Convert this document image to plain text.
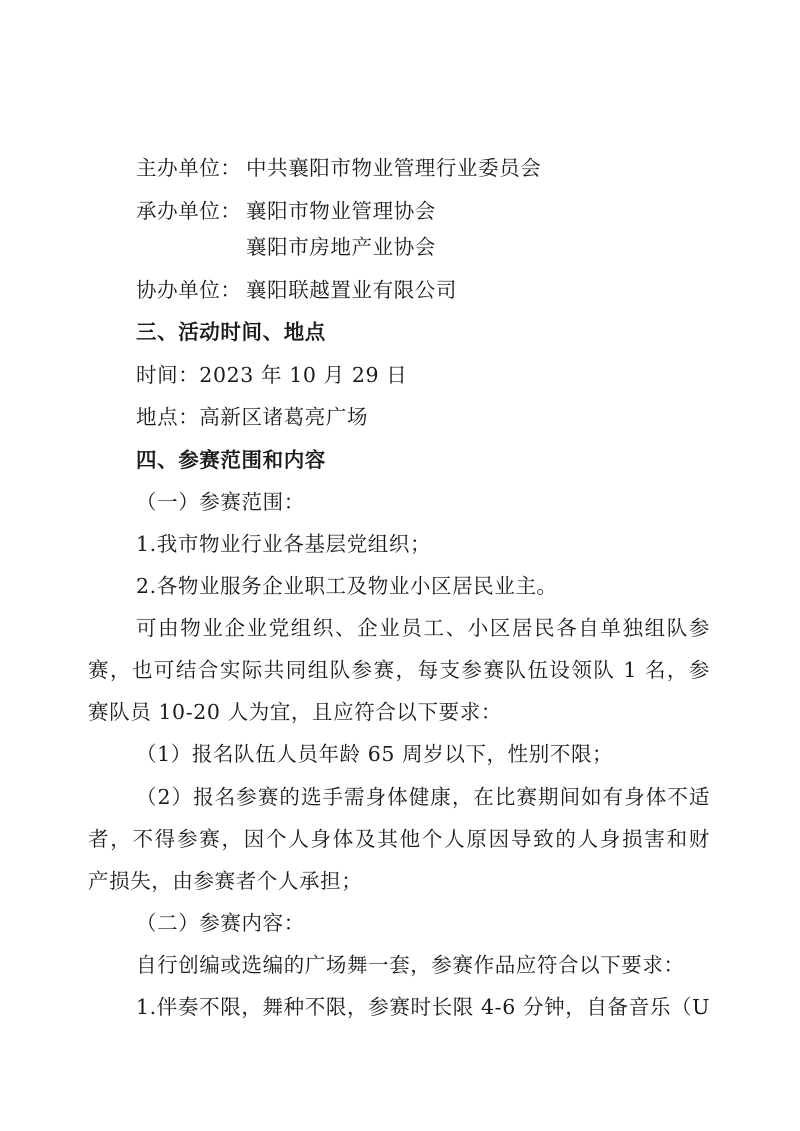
主办单位： 中共襄阳市物业管理行业委员会
承办单位： 襄阳市物业管理协会
襄阳市房地产业协会
协办单位： 襄阳联越置业有限公司
三、活动时间、地点
时间：2023 年 10 月 29 日
地点：高新区诸葛亮广场
四、参赛范围和内容
（一）参赛范围：
1.我市物业行业各基层党组织；
2.各物业服务企业职工及物业小区居民业主。
可由物业企业党组织、企业员工、小区居民各自单独组队参
赛，也可结合实际共同组队参赛，每支参赛队伍设领队 1 名，参
赛队员 10-20 人为宜，且应符合以下要求：
（1）报名队伍人员年龄 65 周岁以下，性别不限；
（2）报名参赛的选手需身体健康，在比赛期间如有身体不适
者，不得参赛，因个人身体及其他个人原因导致的人身损害和财
产损失，由参赛者个人承担；
（二）参赛内容：
自行创编或选编的广场舞一套，参赛作品应符合以下要求：
1.伴奏不限，舞种不限，参赛时长限 4-6 分钟，自备音乐（U
